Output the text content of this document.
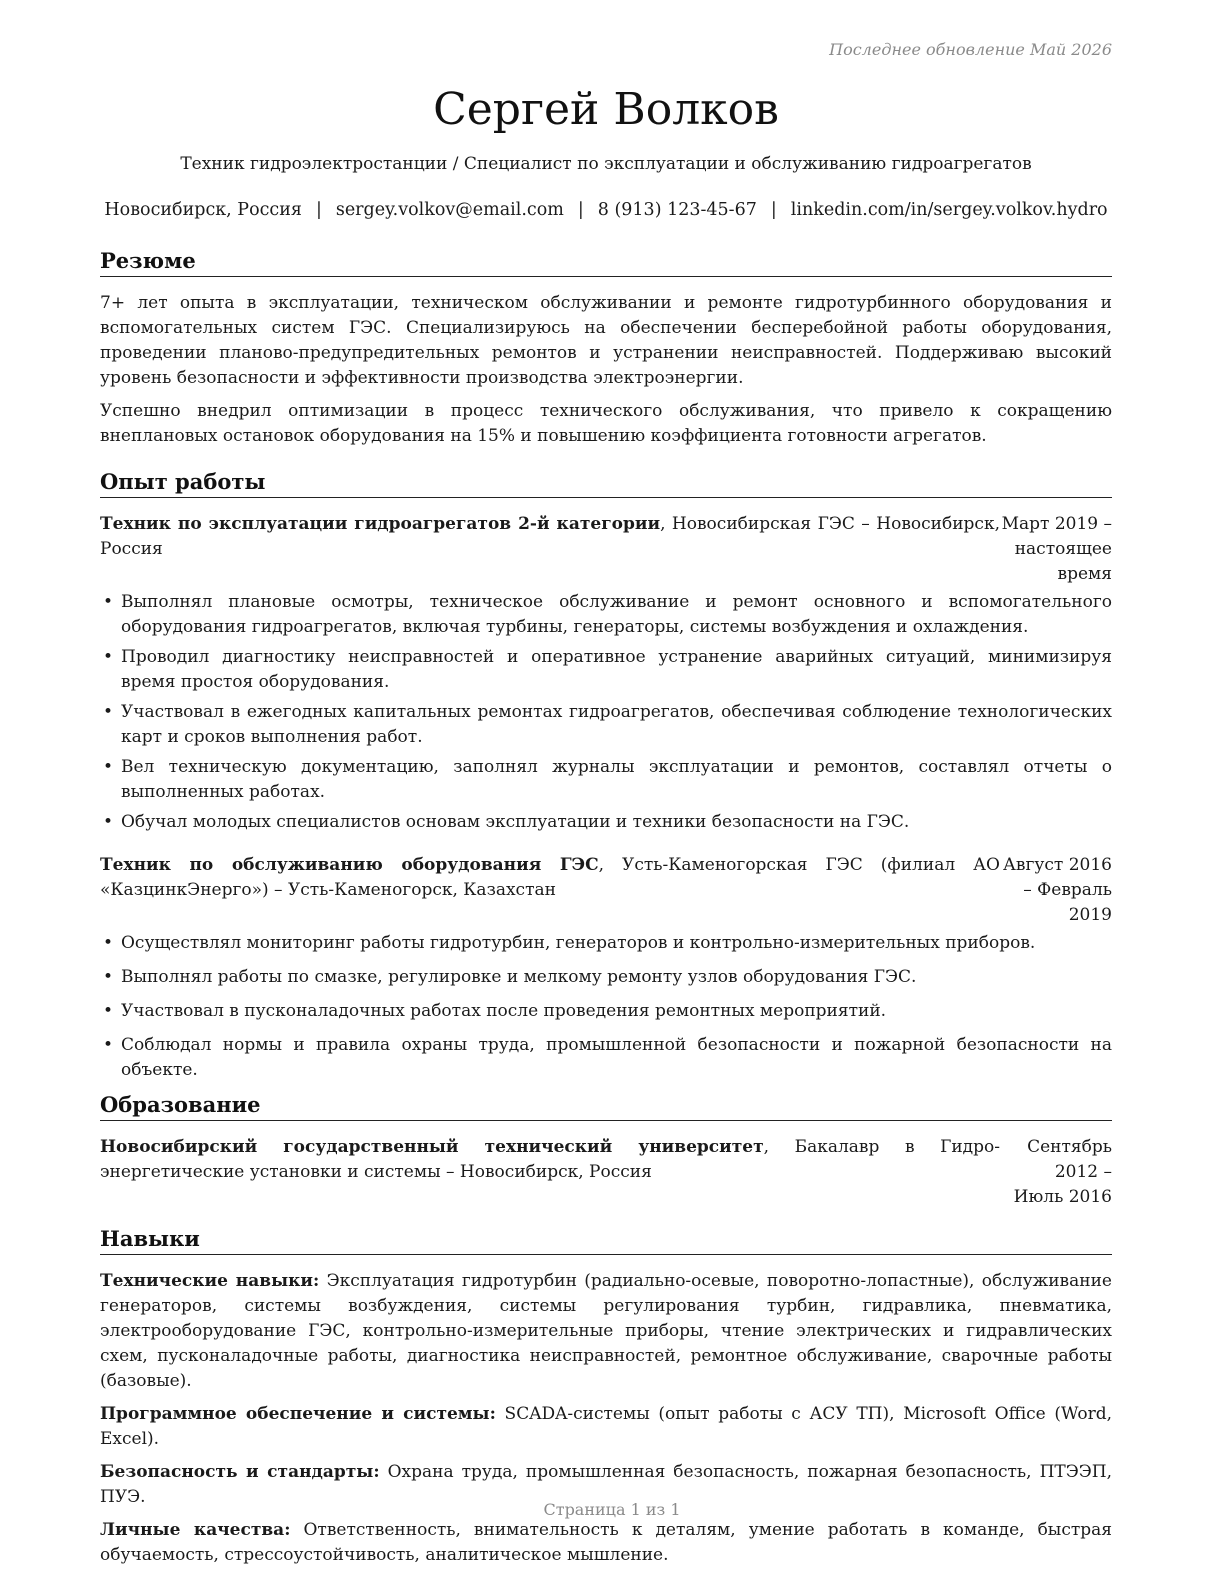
Последнее обновление Май 2026
Сергей Волков
Техник гидроэлектростанции / Специалист по эксплуатации и обслуживанию гидроагрегатов
Новосибирск, Россия | sergey.volkov@email.com | 8 (913) 123-45-67 | linkedin.com/in/sergey.volkov.hydro
Резюме

7+ лет опыта в эксплуатации, техническом обслуживании и ремонте гидротурбинного оборудования и вспомогательных систем ГЭС. Специализируюсь на обеспечении бесперебойной работы оборудования, проведении планово-предупредительных ремонтов и устранении неисправностей. Поддерживаю высокий уровень безопасности и эффективности производства электроэнергии.

Успешно внедрил оптимизации в процесс технического обслуживания, что привело к сокращению внеплановых остановок оборудования на 15% и повышению коэффициента готовности агрегатов.

Опыт работы
Техник по эксплуатации гидроагрегатов 2-й категории, Новосибирская ГЭС – Новосибирск, Россия
Март 2019 – настоящее время
• Выполнял плановые осмотры, техническое обслуживание и ремонт основного и вспомогательного оборудования гидроагрегатов, включая турбины, генераторы, системы возбуждения и охлаждения.
• Проводил диагностику неисправностей и оперативное устранение аварийных ситуаций, минимизируя время простоя оборудования.
• Участвовал в ежегодных капитальных ремонтах гидроагрегатов, обеспечивая соблюдение технологических карт и сроков выполнения работ.
• Вел техническую документацию, заполнял журналы эксплуатации и ремонтов, составлял отчеты о выполненных работах.
• Обучал молодых специалистов основам эксплуатации и техники безопасности на ГЭС.
Техник по обслуживанию оборудования ГЭС, Усть-Каменогорская ГЭС (филиал АО «КазцинкЭнерго») – Усть-Каменогорск, Казахстан
Август 2016 – Февраль 2019
• Осуществлял мониторинг работы гидротурбин, генераторов и контрольно-измерительных приборов.
• Выполнял работы по смазке, регулировке и мелкому ремонту узлов оборудования ГЭС.
• Участвовал в пусконаладочных работах после проведения ремонтных мероприятий.
• Соблюдал нормы и правила охраны труда, промышленной безопасности и пожарной безопасности на объекте.
Образование
Новосибирский государственный технический университет, Бакалавр в Гидро-энергетические установки и системы – Новосибирск, Россия
Сентябрь 2012 – Июль 2016
Навыки

Технические навыки: Эксплуатация гидротурбин (радиально-осевые, поворотно-лопастные), обслуживание генераторов, системы возбуждения, системы регулирования турбин, гидравлика, пневматика, электрооборудование ГЭС, контрольно-измерительные приборы, чтение электрических и гидравлических схем, пусконаладочные работы, диагностика неисправностей, ремонтное обслуживание, сварочные работы (базовые).

Программное обеспечение и системы: SCADA-системы (опыт работы с АСУ ТП), Microsoft Office (Word, Excel).

Безопасность и стандарты: Охрана труда, промышленная безопасность, пожарная безопасность, ПТЭЭП, ПУЭ.

Личные качества: Ответственность, внимательность к деталям, умение работать в команде, быстрая обучаемость, стрессоустойчивость, аналитическое мышление.

Страница 1 из 1
